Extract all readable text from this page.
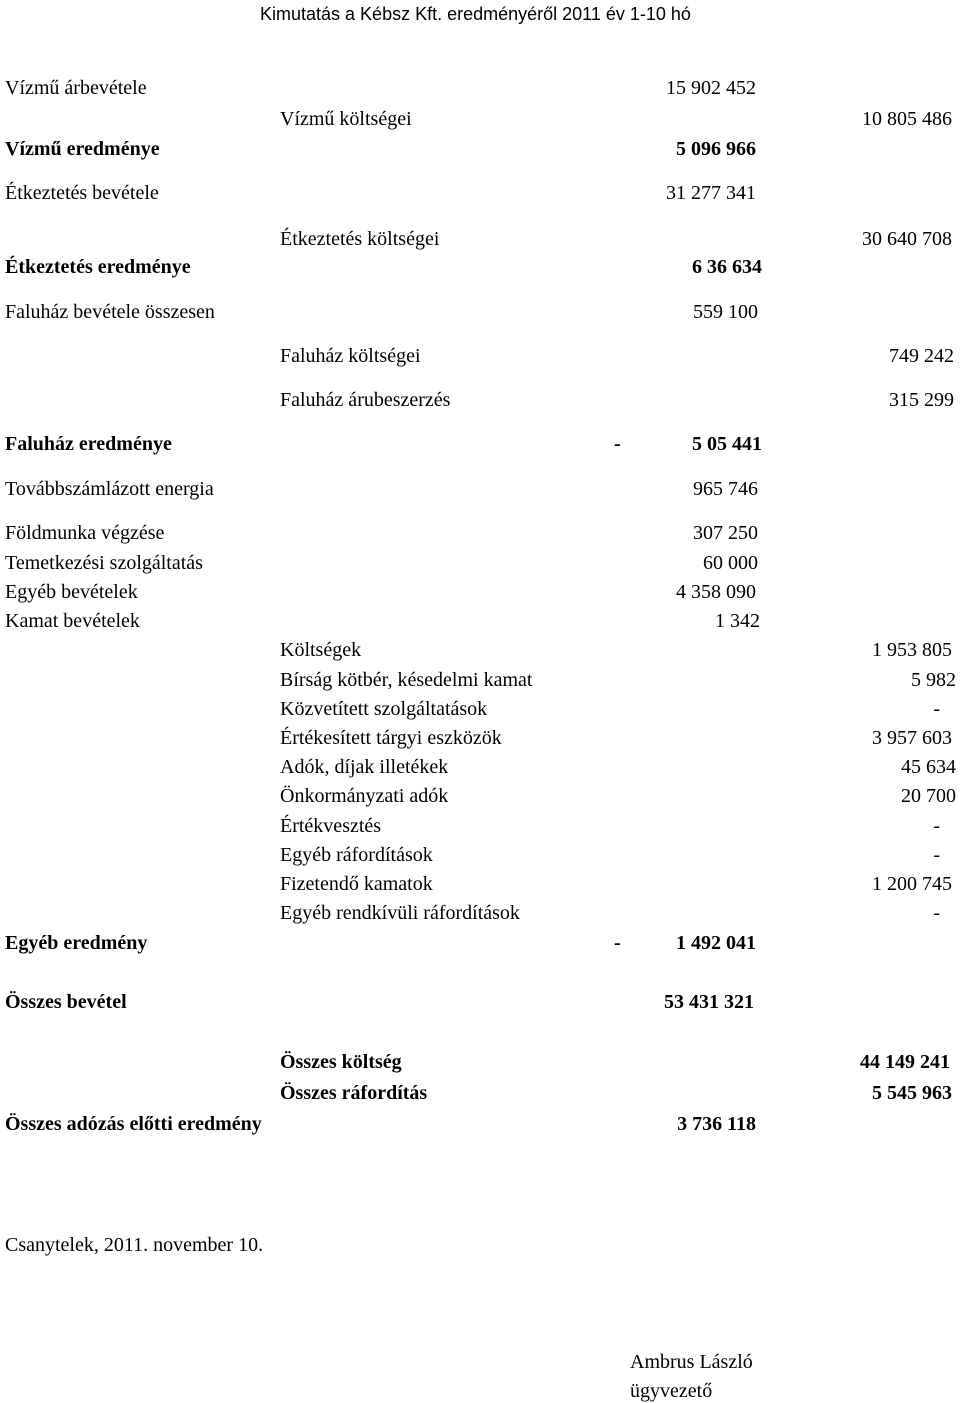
Kimutatás a Kébsz Kft. eredményéről 2011 év 1-10 hó
Vízmű árbevétele	15 902 452
Vízmű költségei	10 805 486
Vízmű eredménye	5 096 966
Étkeztetés bevétele	31 277 341
Étkeztetés költségei	30 640 708
Étkeztetés eredménye	6 36 634
Faluház bevétele összesen	559 100
Faluház költségei	749 242
Faluház árubeszerzés	315 299
Faluház eredménye	-	5 05 441
Továbbszámlázott energia	965 746
Földmunka végzése	307 250
Temetkezési szolgáltatás	60 000
Egyéb bevételek	4 358 090
Kamat bevételek	1 342
Költségek	1 953 805
Bírság kötbér, késedelmi kamat	5 982
Közvetített szolgáltatások	-
Értékesített tárgyi eszközök	3 957 603
Adók, díjak illetékek	45 634
Önkormányzati adók	20 700
Értékvesztés	-
Egyéb ráfordítások	-
Fizetendő kamatok	1 200 745
Egyéb rendkívüli ráfordítások	-
Egyéb eredmény	-	1 492 041
Összes bevétel	53 431 321
Összes költség	44 149 241
Összes ráfordítás	5 545 963
Összes adózás előtti eredmény	3 736 118
Csanytelek, 2011. november 10.
Ambrus László
ügyvezető
